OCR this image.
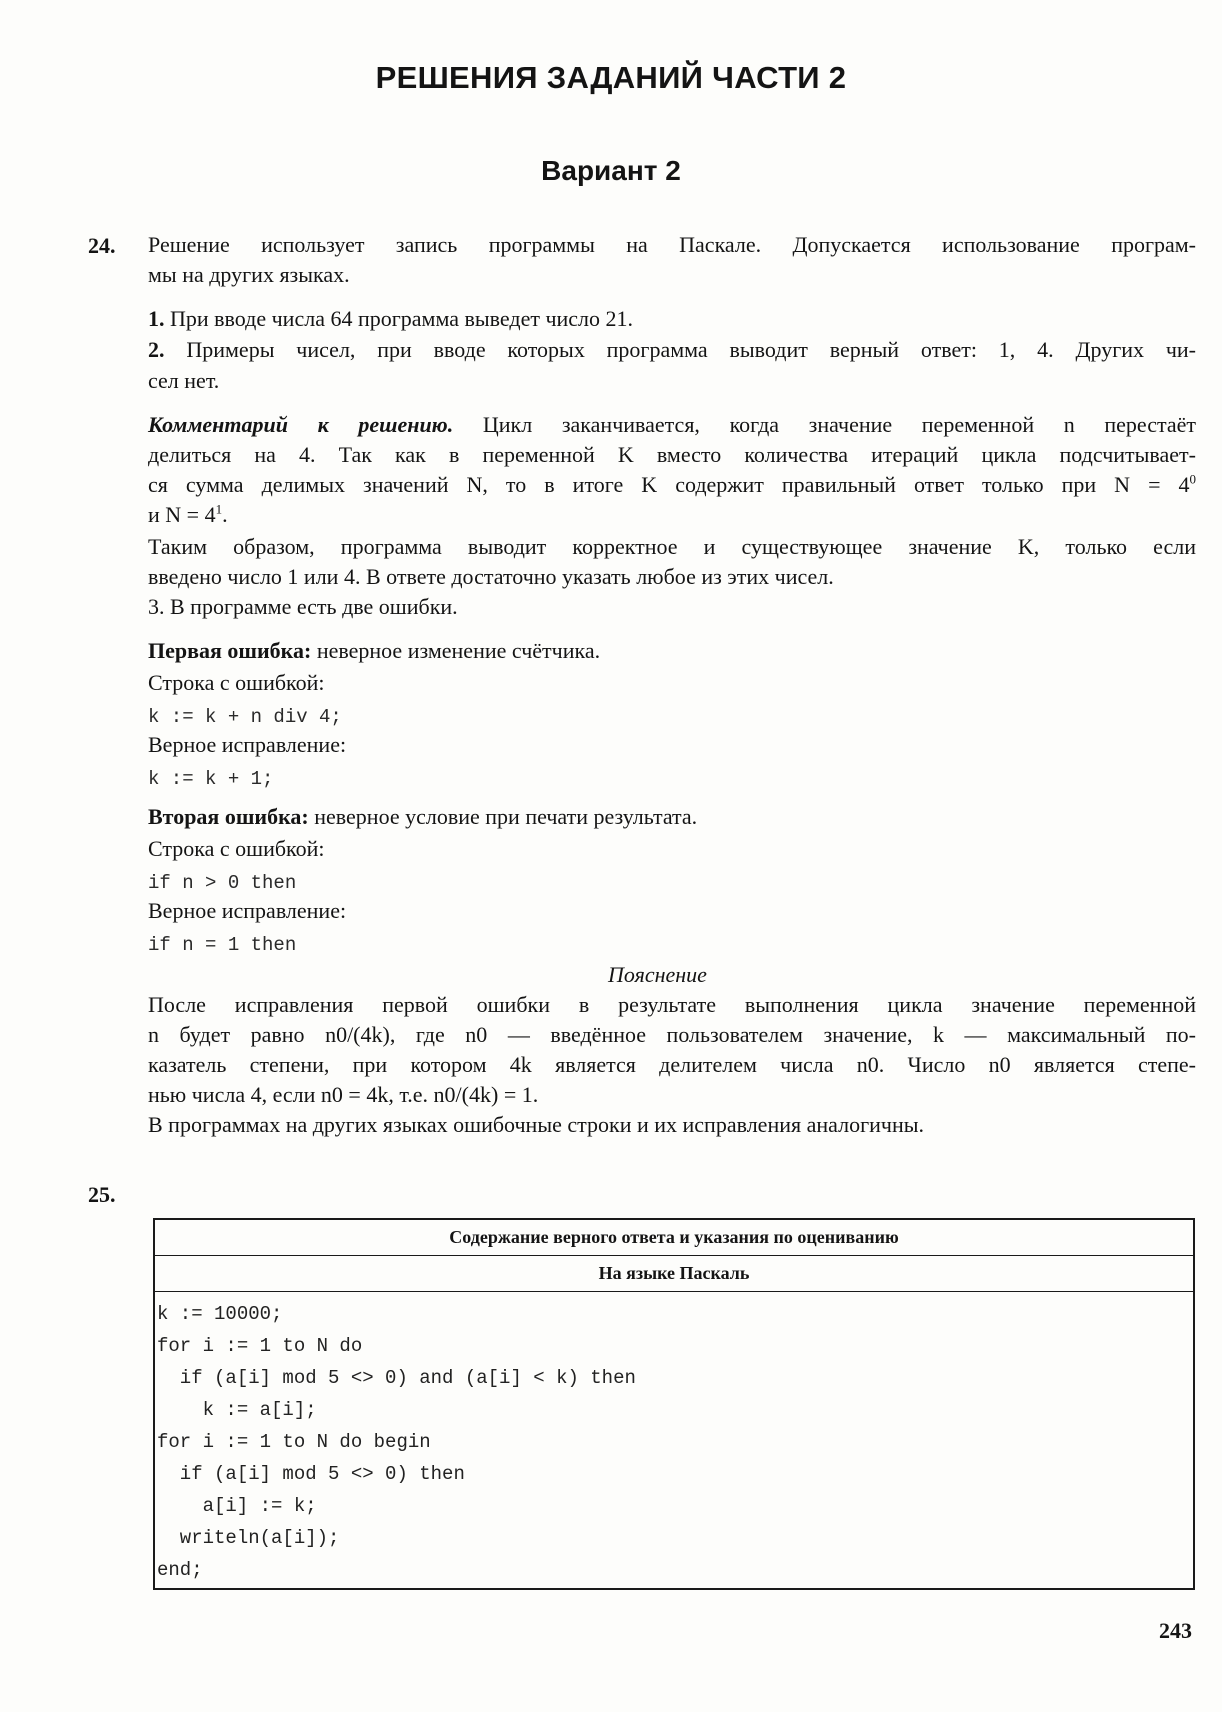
РЕШЕНИЯ ЗАДАНИЙ ЧАСТИ 2
Вариант 2
24. Решение использует запись программы на Паскале. Допускается использование програм-
мы на других языках.
1. При вводе числа 64 программа выведет число 21.
2. Примеры чисел, при вводе которых программа выводит верный ответ: 1, 4. Других чи-
сел нет.
Комментарий к решению. Цикл заканчивается, когда значение переменной n перестаёт
делиться на 4. Так как в переменной K вместо количества итераций цикла подсчитывает-
ся сумма делимых значений N, то в итоге K содержит правильный ответ только при $N = 4^0$
и $N = 4^1$.
Таким образом, программа выводит корректное и существующее значение K, только если
введено число 1 или 4. В ответе достаточно указать любое из этих чисел.
3. В программе есть две ошибки.
Первая ошибка: неверное изменение счётчика.
Строка с ошибкой:
k := k + n div 4;
Верное исправление:
k := k + 1;
Вторая ошибка: неверное условие при печати результата.
Строка с ошибкой:
if n > 0 then
Верное исправление:
if n = 1 then
Пояснение
После исправления первой ошибки в результате выполнения цикла значение переменной
n будет равно n0/(4k), где n0 — введённое пользователем значение, k — максимальный по-
казатель степени, при котором 4k является делителем числа n0. Число n0 является степе-
нью числа 4, если n0 = 4k, т.е. n0/(4k) = 1.
В программах на других языках ошибочные строки и их исправления аналогичны.
25.
Содержание верного ответа и указания по оцениванию
На языке Паскаль

k := 10000;
for i := 1 to N do
if (a[i] mod 5 <> 0) and (a[i] < k) then
k := a[i];
for i := 1 to N do begin
if (a[i] mod 5 <> 0) then
a[i] := k;
writeln(a[i]);
end;
243
